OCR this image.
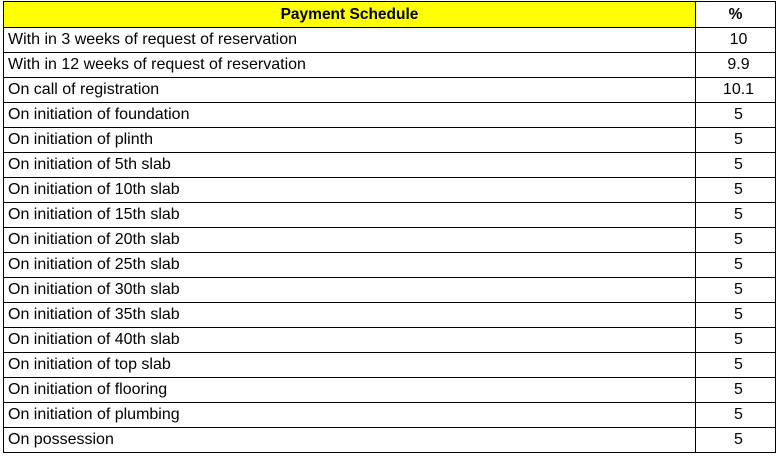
Payment Schedule	%
With in 3 weeks of request of reservation	10
With in 12 weeks of request of reservation	9.9
On call of registration	10.1
On initiation of foundation	5
On initiation of plinth	5
On initiation of 5th slab	5
On initiation of 10th slab	5
On initiation of 15th slab	5
On initiation of 20th slab	5
On initiation of 25th slab	5
On initiation of 30th slab	5
On initiation of 35th slab	5
On initiation of 40th slab	5
On initiation of top slab	5
On initiation of flooring	5
On initiation of plumbing	5
On possession	5
